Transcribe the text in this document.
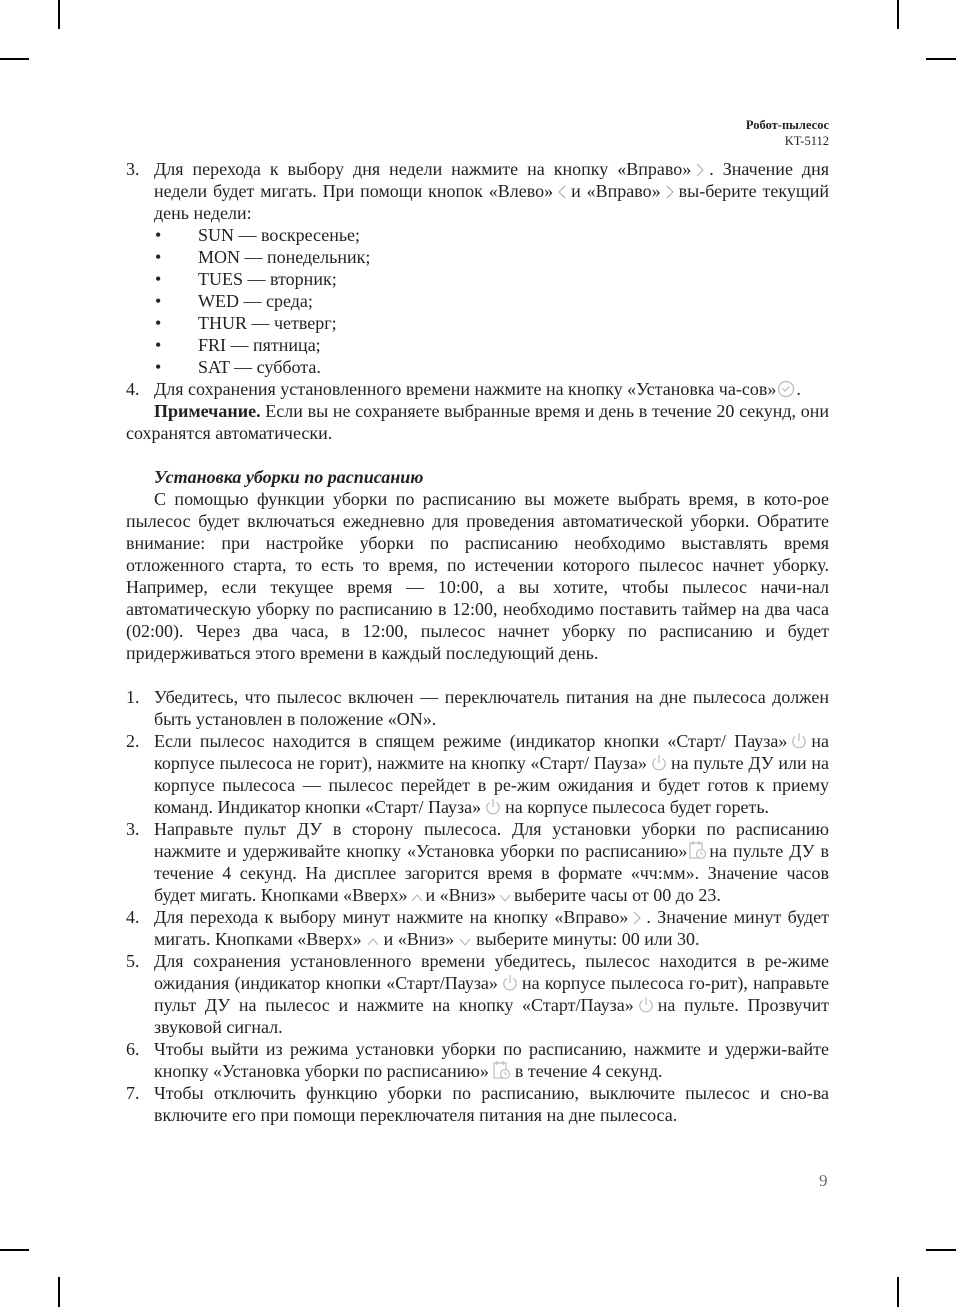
Робот-пылесос
KT-5112
3. Для перехода к выбору дня недели нажмите на кнопку «Вправо» . Значение дня недели будет мигать. При помощи кнопок «Влево» и «Вправо» вы-берите текущий день недели:
• SUN — воскресенье;
• MON — понедельник;
• TUES — вторник;
• WED — среда;
• THUR — четверг;
• FRI — пятница;
• SAT — суббота.
4. Для сохранения установленного времени нажмите на кнопку «Установка ча-сов» .
Примечание. Если вы не сохраняете выбранные время и день в течение 20 секунд, они сохранятся автоматически.
Установка уборки по расписанию
С помощью функции уборки по расписанию вы можете выбрать время, в кото-рое пылесос будет включаться ежедневно для проведения автоматической уборки. Обратите внимание: при настройке уборки по расписанию необходимо выставлять время отложенного старта, то есть то время, по истечении которого пылесос начнет уборку. Например, если текущее время — 10:00, а вы хотите, чтобы пылесос начи-нал автоматическую уборку по расписанию в 12:00, необходимо поставить таймер на два часа (02:00). Через два часа, в 12:00, пылесос начнет уборку по расписанию и будет придерживаться этого времени в каждый последующий день.
1. Убедитесь, что пылесос включен — переключатель питания на дне пылесоса должен быть установлен в положение «ON».
2. Если пылесос находится в спящем режиме (индикатор кнопки «Старт/ Пауза» на корпусе пылесоса не горит), нажмите на кнопку «Старт/ Пауза» на пульте ДУ или на корпусе пылесоса — пылесос перейдет в ре-жим ожидания и будет готов к приему команд. Индикатор кнопки «Старт/ Пауза» на корпусе пылесоса будет гореть.
3. Направьте пульт ДУ в сторону пылесоса. Для установки уборки по расписанию нажмите и удерживайте кнопку «Установка уборки по расписанию» на пульте ДУ в течение 4 секунд. На дисплее загорится время в формате «чч:мм». Значение часов будет мигать. Кнопками «Вверх» и «Вниз» выберите часы от 00 до 23.
4. Для перехода к выбору минут нажмите на кнопку «Вправо» . Значение минут будет мигать. Кнопками «Вверх» и «Вниз» выберите минуты: 00 или 30.
5. Для сохранения установленного времени убедитесь, пылесос находится в ре-жиме ожидания (индикатор кнопки «Старт/Пауза» на корпусе пылесоса го-рит), направьте пульт ДУ на пылесос и нажмите на кнопку «Старт/Пауза» на пульте. Прозвучит звуковой сигнал.
6. Чтобы выйти из режима установки уборки по расписанию, нажмите и удержи-вайте кнопку «Установка уборки по расписанию» в течение 4 секунд.
7. Чтобы отключить функцию уборки по расписанию, выключите пылесос и сно-ва включите его при помощи переключателя питания на дне пылесоса.
9
